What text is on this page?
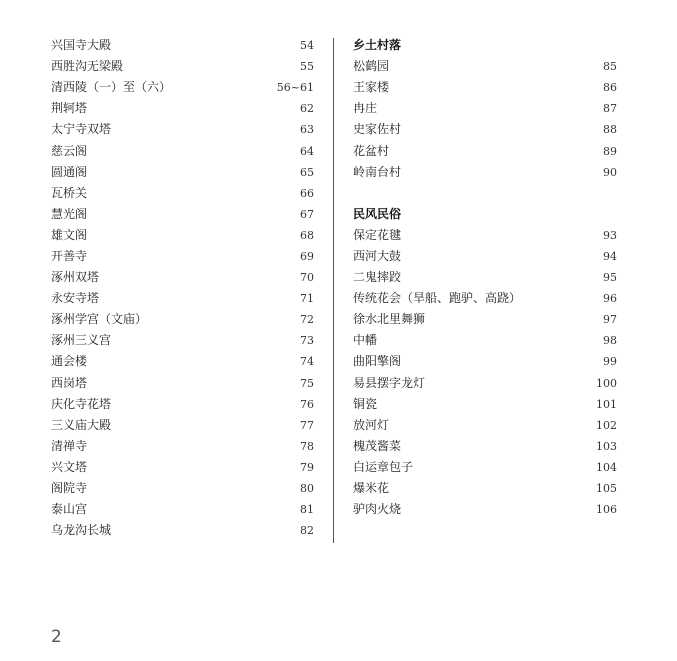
兴国寺大殿	54
西胜沟无梁殿	55
清西陵（一）至（六）	56~61
荆轲塔	62
太宁寺双塔	63
慈云阁	64
圆通阁	65
瓦桥关	66
慧光阁	67
雄文阁	68
开善寺	69
涿州双塔	70
永安寺塔	71
涿州学宫（文庙）	72
涿州三义宫	73
通会楼	74
西岗塔	75
庆化寺花塔	76
三义庙大殿	77
清禅寺	78
兴文塔	79
阁院寺	80
泰山宫	81
乌龙沟长城	82
乡土村落
松鹤园	85
王家楼	86
冉庄	87
史家佐村	88
花盆村	89
岭南台村	90
民风民俗
保定花毽	93
西河大鼓	94
二鬼摔跤	95
传统花会（旱船、跑驴、高跷）	96
徐水北里舞狮	97
中幡	98
曲阳擎阁	99
易县摆字龙灯	100
铜瓷	101
放河灯	102
槐茂酱菜	103
白运章包子	104
爆米花	105
驴肉火烧	106
2
